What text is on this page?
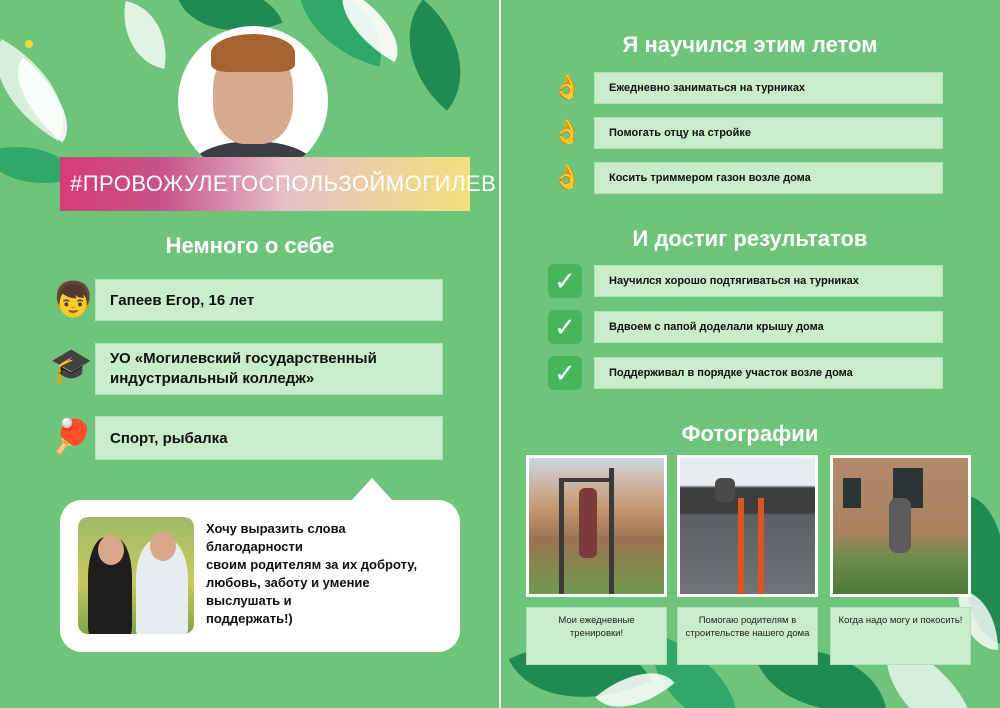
#ПРОВОЖУЛЕТОСПОЛЬЗОЙМОГИЛЕВ
Немного о себе
👦 Гапеев Егор, 16 лет
🎓 УО «Могилевский государственный
индустриальный колледж»
🏓 Спорт, рыбалка
Хочу выразить слова благодарности
своим родителям за их доброту,
любовь, заботу и умение выслушать и
поддержать!)
Я научился этим летом
👌 Ежедневно заниматься на турниках
👌 Помогать отцу на стройке
👌 Косить триммером газон возле дома
И достиг результатов
✓	Научился хорошо подтягиваться на турниках
✓	Вдвоем с папой доделали крышу дома
✓	Поддерживал в порядке участок возле дома
Фотографии
Мои ежедневные
тренировки!
Помогаю родителям в
строительстве нашего дома
Когда надо могу и покосить!
